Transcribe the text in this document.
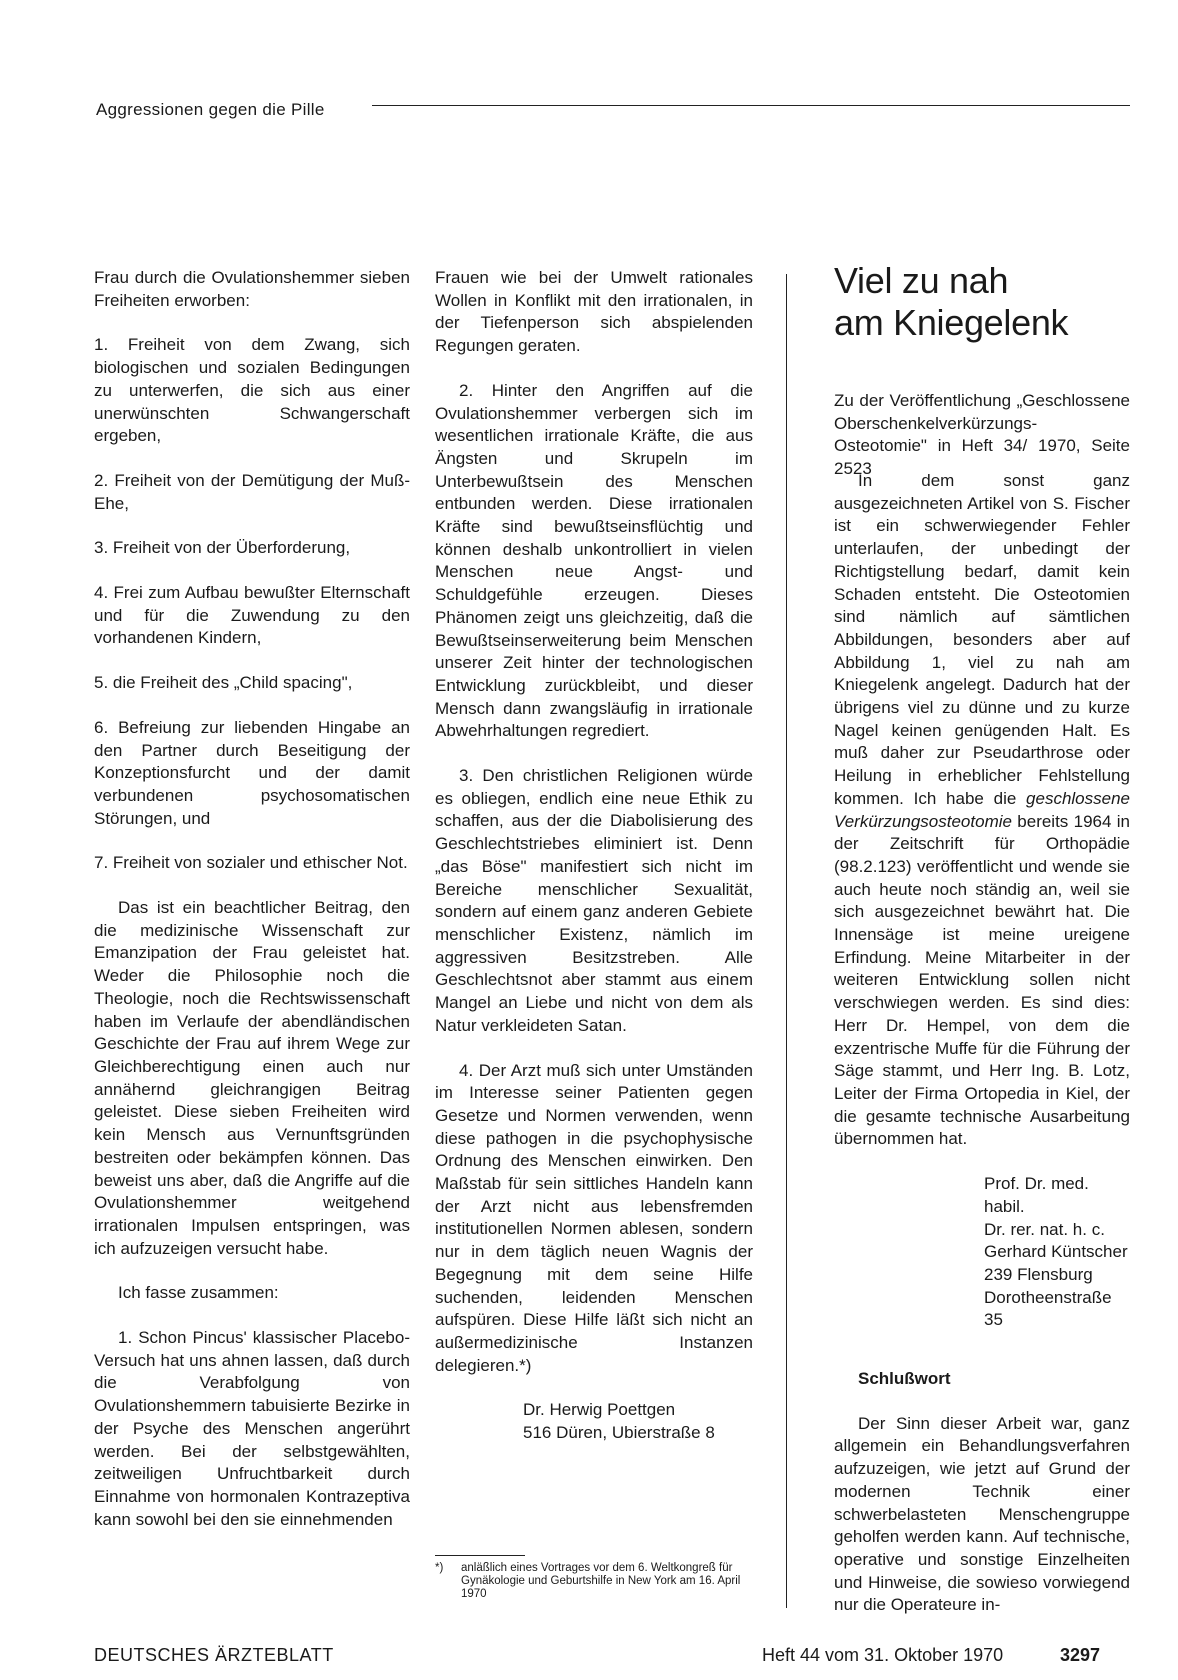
Aggressionen gegen die Pille

Frau durch die Ovulationshemmer sieben Freiheiten erworben:

1. Freiheit von dem Zwang, sich biologischen und sozialen Bedingungen zu unterwerfen, die sich aus einer unerwünschten Schwangerschaft ergeben,

2. Freiheit von der Demütigung der Muß-Ehe,

3. Freiheit von der Überforderung,

4. Frei zum Aufbau bewußter Elternschaft und für die Zuwendung zu den vorhandenen Kindern,

5. die Freiheit des „Child spacing",

6. Befreiung zur liebenden Hingabe an den Partner durch Beseitigung der Konzeptionsfurcht und der damit verbundenen psychosomatischen Störungen, und

7. Freiheit von sozialer und ethischer Not.

Das ist ein beachtlicher Beitrag, den die medizinische Wissenschaft zur Emanzipation der Frau geleistet hat. Weder die Philosophie noch die Theologie, noch die Rechtswissenschaft haben im Verlaufe der abendländischen Geschichte der Frau auf ihrem Wege zur Gleichberechtigung einen auch nur annähernd gleichrangigen Beitrag geleistet. Diese sieben Freiheiten wird kein Mensch aus Vernunftsgründen bestreiten oder bekämpfen können. Das beweist uns aber, daß die Angriffe auf die Ovulationshemmer weitgehend irrationalen Impulsen entspringen, was ich aufzuzeigen versucht habe.

Ich fasse zusammen:

1. Schon Pincus' klassischer Placebo-Versuch hat uns ahnen lassen, daß durch die Verabfolgung von Ovulationshemmern tabuisierte Bezirke in der Psyche des Menschen angerührt werden. Bei der selbstgewählten, zeitweiligen Unfruchtbarkeit durch Einnahme von hormonalen Kontrazeptiva kann sowohl bei den sie einnehmenden

Frauen wie bei der Umwelt rationales Wollen in Konflikt mit den irrationalen, in der Tiefenperson sich abspielenden Regungen geraten.

2. Hinter den Angriffen auf die Ovulationshemmer verbergen sich im wesentlichen irrationale Kräfte, die aus Ängsten und Skrupeln im Unterbewußtsein des Menschen entbunden werden. Diese irrationalen Kräfte sind bewußtseinsflüchtig und können deshalb unkontrolliert in vielen Menschen neue Angst- und Schuldgefühle erzeugen. Dieses Phänomen zeigt uns gleichzeitig, daß die Bewußtseinserweiterung beim Menschen unserer Zeit hinter der technologischen Entwicklung zurückbleibt, und dieser Mensch dann zwangsläufig in irrationale Abwehrhaltungen regrediert.

3. Den christlichen Religionen würde es obliegen, endlich eine neue Ethik zu schaffen, aus der die Diabolisierung des Geschlechtstriebes eliminiert ist. Denn „das Böse" manifestiert sich nicht im Bereiche menschlicher Sexualität, sondern auf einem ganz anderen Gebiete menschlicher Existenz, nämlich im aggressiven Besitzstreben. Alle Geschlechtsnot aber stammt aus einem Mangel an Liebe und nicht von dem als Natur verkleideten Satan.

4. Der Arzt muß sich unter Umständen im Interesse seiner Patienten gegen Gesetze und Normen verwenden, wenn diese pathogen in die psychophysische Ordnung des Menschen einwirken. Den Maßstab für sein sittliches Handeln kann der Arzt nicht aus lebensfremden institutionellen Normen ablesen, sondern nur in dem täglich neuen Wagnis der Begegnung mit dem seine Hilfe suchenden, leidenden Menschen aufspüren. Diese Hilfe läßt sich nicht an außermedizinische Instanzen delegieren.*)

Dr. Herwig Poettgen
516 Düren, Ubierstraße 8
*) anläßlich eines Vortrages vor dem 6. Weltkongreß für Gynäkologie und Geburtshilfe in New York am 16. April 1970
Viel zu nah
am Kniegelenk
Zu der Veröffentlichung „Geschlossene Oberschenkelverkürzungs-Osteotomie" in Heft 34/ 1970, Seite 2523

In dem sonst ganz ausgezeichneten Artikel von S. Fischer ist ein schwerwiegender Fehler unterlaufen, der unbedingt der Richtigstellung bedarf, damit kein Schaden entsteht. Die Osteotomien sind nämlich auf sämtlichen Abbildungen, besonders aber auf Abbildung 1, viel zu nah am Kniegelenk angelegt. Dadurch hat der übrigens viel zu dünne und zu kurze Nagel keinen genügenden Halt. Es muß daher zur Pseudarthrose oder Heilung in erheblicher Fehlstellung kommen. Ich habe die geschlossene Verkürzungsosteotomie bereits 1964 in der Zeitschrift für Orthopädie (98.2.123) veröffentlicht und wende sie auch heute noch ständig an, weil sie sich ausgezeichnet bewährt hat. Die Innensäge ist meine ureigene Erfindung. Meine Mitarbeiter in der weiteren Entwicklung sollen nicht verschwiegen werden. Es sind dies: Herr Dr. Hempel, von dem die exzentrische Muffe für die Führung der Säge stammt, und Herr Ing. B. Lotz, Leiter der Firma Ortopedia in Kiel, der die gesamte technische Ausarbeitung übernommen hat.

Prof. Dr. med. habil.
Dr. rer. nat. h. c.
Gerhard Küntscher
239 Flensburg
Dorotheenstraße 35
Schlußwort

Der Sinn dieser Arbeit war, ganz allgemein ein Behandlungsverfahren aufzuzeigen, wie jetzt auf Grund der modernen Technik einer schwerbelasteten Menschengruppe geholfen werden kann. Auf technische, operative und sonstige Einzelheiten und Hinweise, die sowieso vorwiegend nur die Operateure in-

DEUTSCHES ÄRZTEBLATT	Heft 44 vom 31. Oktober 1970	3297
